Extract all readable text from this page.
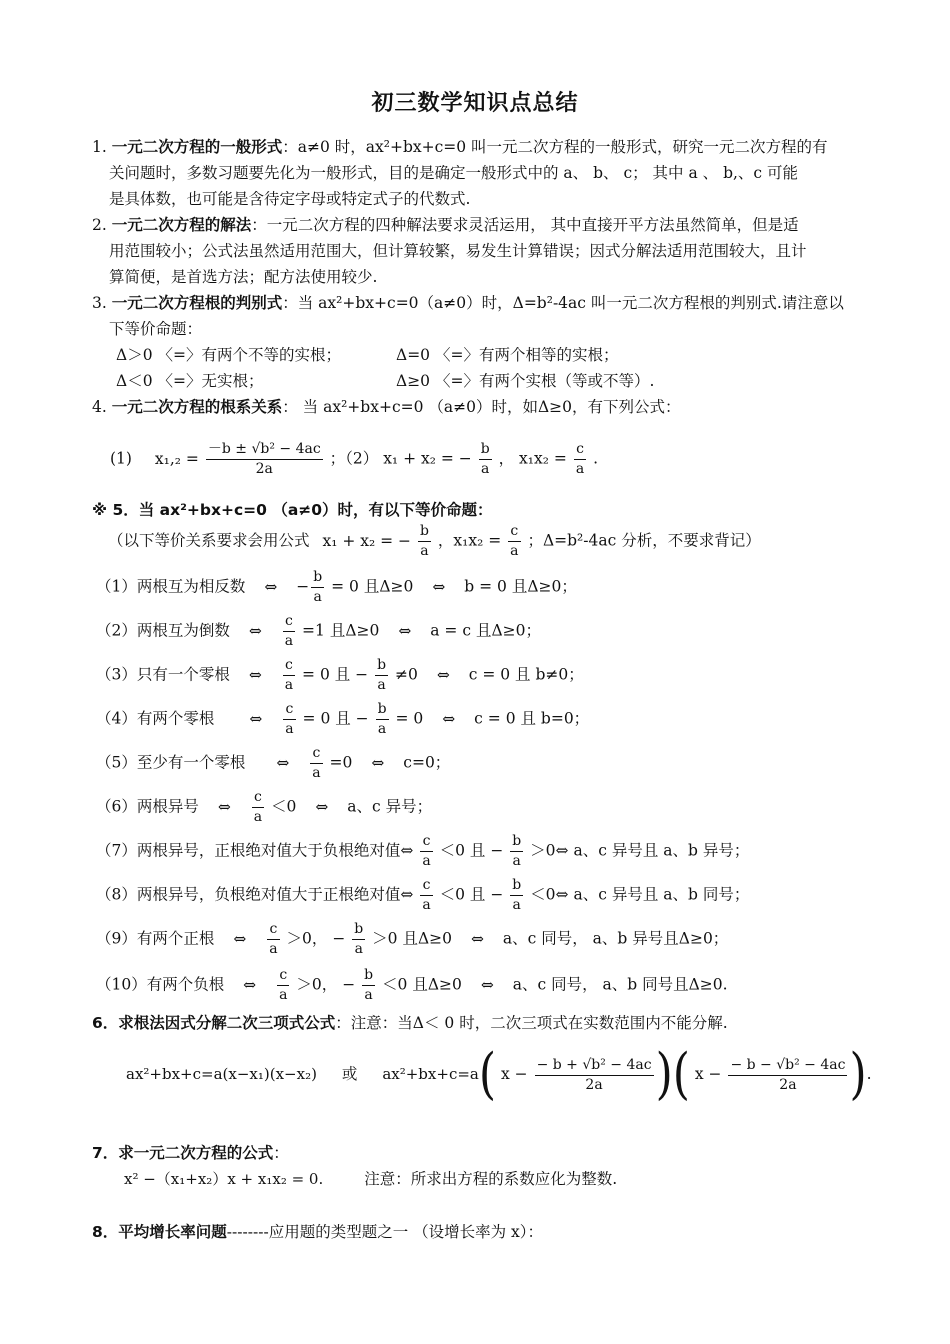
初三数学知识点总结
1. 一元二次方程的一般形式：a≠0 时，ax²+bx+c=0 叫一元二次方程的一般形式，研究一元二次方程的有
关问题时，多数习题要先化为一般形式，目的是确定一般形式中的 a、 b、 c； 其中 a 、 b,、c 可能
是具体数，也可能是含待定字母或特定式子的代数式.
2. 一元二次方程的解法：一元二次方程的四种解法要求灵活运用， 其中直接开平方法虽然简单，但是适
用范围较小；公式法虽然适用范围大，但计算较繁，易发生计算错误；因式分解法适用范围较大，且计
算简便，是首选方法；配方法使用较少.
3. 一元二次方程根的判别式：当 ax²+bx+c=0（a≠0）时，Δ=b²-4ac 叫一元二次方程根的判别式.请注意以
下等价命题：
Δ＞0 〈=〉有两个不等的实根；	Δ=0 〈=〉有两个相等的实根；
Δ＜0 〈=〉无实根；	Δ≥0 〈=〉有两个实根（等或不等）.
4. 一元二次方程的根系关系： 当 ax²+bx+c=0 （a≠0）时，如Δ≥0，有下列公式：
(1) $x_1,_2 = \frac{\text{－b ± √b² − 4ac}}{2a}$ ；（2） x₁ + x₂ = − $\frac{b}{a}$ ， $x_1x_2 = \frac{c}{a}$ .
※ 5．当 ax²+bx+c=0 （a≠0）时，有以下等价命题：
（以下等价关系要求会用公式 x₁ + x₂ = − $\frac{b}{a}$ ，$x_1x_2 = \frac{c}{a}$ ；Δ=b²-4ac 分析，不要求背记）
（1）两根互为相反数 ⇔ − $\frac{b}{a} = 0$ 且Δ≥0 ⇔ b = 0 且Δ≥0；
（2）两根互为倒数 ⇔ $\frac{c}{a} =1$ 且Δ≥0 ⇔ a = c 且Δ≥0；
（3）只有一个零根 ⇔ $\frac{c}{a} = 0$ 且 − $\frac{b}{a} \ne 0$ ⇔ c = 0 且 b≠0；
（4）有两个零根 ⇔ $\frac{c}{a} = 0$ 且 − $\frac{b}{a} = 0$ ⇔ c = 0 且 b=0；
（5）至少有一个零根 ⇔ $\frac{c}{a} =0$ ⇔ c=0；
（6）两根异号 ⇔ $\frac{c}{a} <0$ ⇔ a、c 异号；
（7）两根异号，正根绝对值大于负根绝对值⇔ $\frac{c}{a} <0$ 且 − $\frac{b}{a}$ ＞0⇔ a、c 异号且 a、b 异号；
（8）两根异号，负根绝对值大于正根绝对值⇔ $\frac{c}{a} <0$ 且 − $\frac{b}{a}$ ＜0⇔ a、c 异号且 a、b 同号；
（9）有两个正根 ⇔ $\frac{c}{a} >0$， − $\frac{b}{a} >0$ 且Δ≥0 ⇔ a、c 同号， a、b 异号且Δ≥0；
（10）有两个负根 ⇔ $\frac{c}{a} >0$， − $\frac{b}{a} <0$ 且Δ≥0 ⇔ a、c 同号， a、b 同号且Δ≥0.
6．求根法因式分解二次三项式公式：注意：当Δ＜ 0 时，二次三项式在实数范围内不能分解.
ax²+bx+c=a(x−x₁)(x−x₂) 或 ax²+bx+c=a( $x - \frac{\text{− b + √b² − 4ac}}{2a}$ )( $x - \frac{\text{− b − √b² − 4ac}}{2a}$ ).
7．求一元二次方程的公式：
x² −（x₁+x₂）x + x₁x₂ = 0.	注意：所求出方程的系数应化为整数.
8．平均增长率问题--------应用题的类型题之一 （设增长率为 x）：
